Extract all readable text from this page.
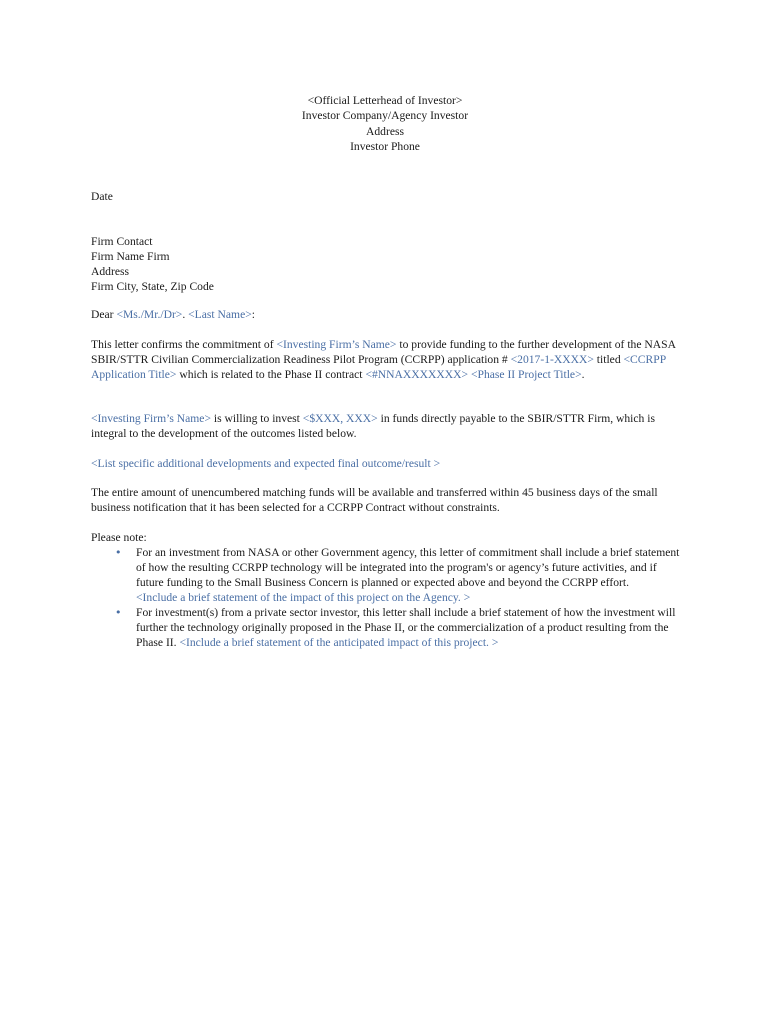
<Official Letterhead of Investor>
Investor Company/Agency Investor
Address
Investor Phone

Date

Firm Contact

Firm Name Firm

Address

Firm City, State, Zip Code

Dear <Ms./Mr./Dr>. <Last Name>:

This letter confirms the commitment of <Investing Firm’s Name> to provide funding to the further development of the NASA SBIR/STTR Civilian Commercialization Readiness Pilot Program (CCRPP) application # <2017-1-XXXX> titled <CCRPP Application Title> which is related to the Phase II contract <#NNAXXXXXXX> <Phase II Project Title>.

<Investing Firm’s Name> is willing to invest <$XXX, XXX> in funds directly payable to the SBIR/STTR Firm, which is integral to the development of the outcomes listed below.

<List specific additional developments and expected final outcome/result >

The entire amount of unencumbered matching funds will be available and transferred within 45 business days of the small business notification that it has been selected for a CCRPP Contract without constraints.

Please note:

• For an investment from NASA or other Government agency, this letter of commitment shall include a brief statement of how the resulting CCRPP technology will be integrated into the program's or agency’s future activities, and if future funding to the Small Business Concern is planned or expected above and beyond the CCRPP effort.
<Include a brief statement of the impact of this project on the Agency. >
• For investment(s) from a private sector investor, this letter shall include a brief statement of how the investment will further the technology originally proposed in the Phase II, or the commercialization of a product resulting from the Phase II. <Include a brief statement of the anticipated impact of this project. >
